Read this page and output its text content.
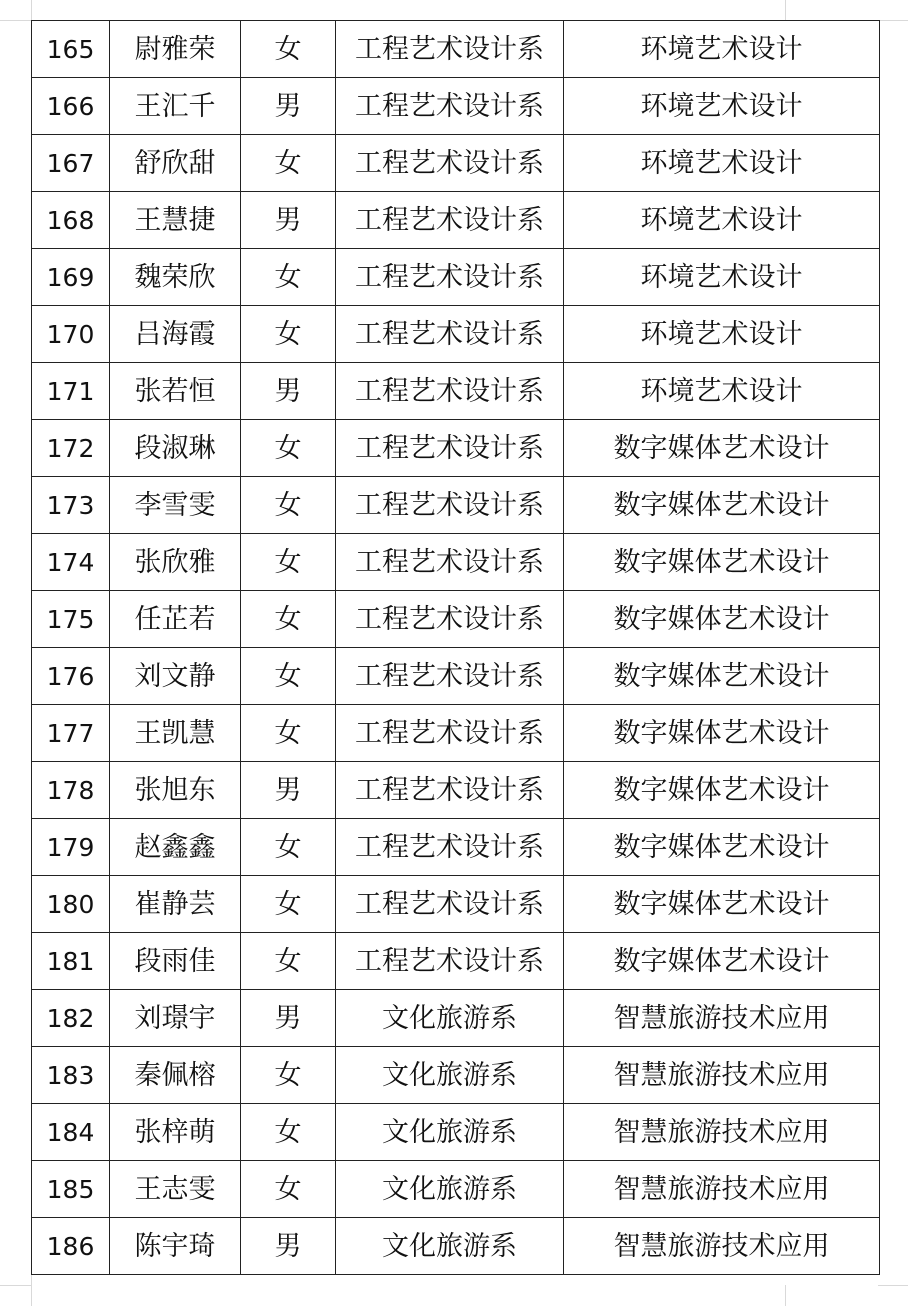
165	尉雅荣	女	工程艺术设计系	环境艺术设计
166	王汇千	男	工程艺术设计系	环境艺术设计
167	舒欣甜	女	工程艺术设计系	环境艺术设计
168	王慧捷	男	工程艺术设计系	环境艺术设计
169	魏荣欣	女	工程艺术设计系	环境艺术设计
170	吕海霞	女	工程艺术设计系	环境艺术设计
171	张若恒	男	工程艺术设计系	环境艺术设计
172	段淑琳	女	工程艺术设计系	数字媒体艺术设计
173	李雪雯	女	工程艺术设计系	数字媒体艺术设计
174	张欣雅	女	工程艺术设计系	数字媒体艺术设计
175	任芷若	女	工程艺术设计系	数字媒体艺术设计
176	刘文静	女	工程艺术设计系	数字媒体艺术设计
177	王凯慧	女	工程艺术设计系	数字媒体艺术设计
178	张旭东	男	工程艺术设计系	数字媒体艺术设计
179	赵鑫鑫	女	工程艺术设计系	数字媒体艺术设计
180	崔静芸	女	工程艺术设计系	数字媒体艺术设计
181	段雨佳	女	工程艺术设计系	数字媒体艺术设计
182	刘璟宇	男	文化旅游系	智慧旅游技术应用
183	秦佩榕	女	文化旅游系	智慧旅游技术应用
184	张梓萌	女	文化旅游系	智慧旅游技术应用
185	王志雯	女	文化旅游系	智慧旅游技术应用
186	陈宇琦	男	文化旅游系	智慧旅游技术应用
